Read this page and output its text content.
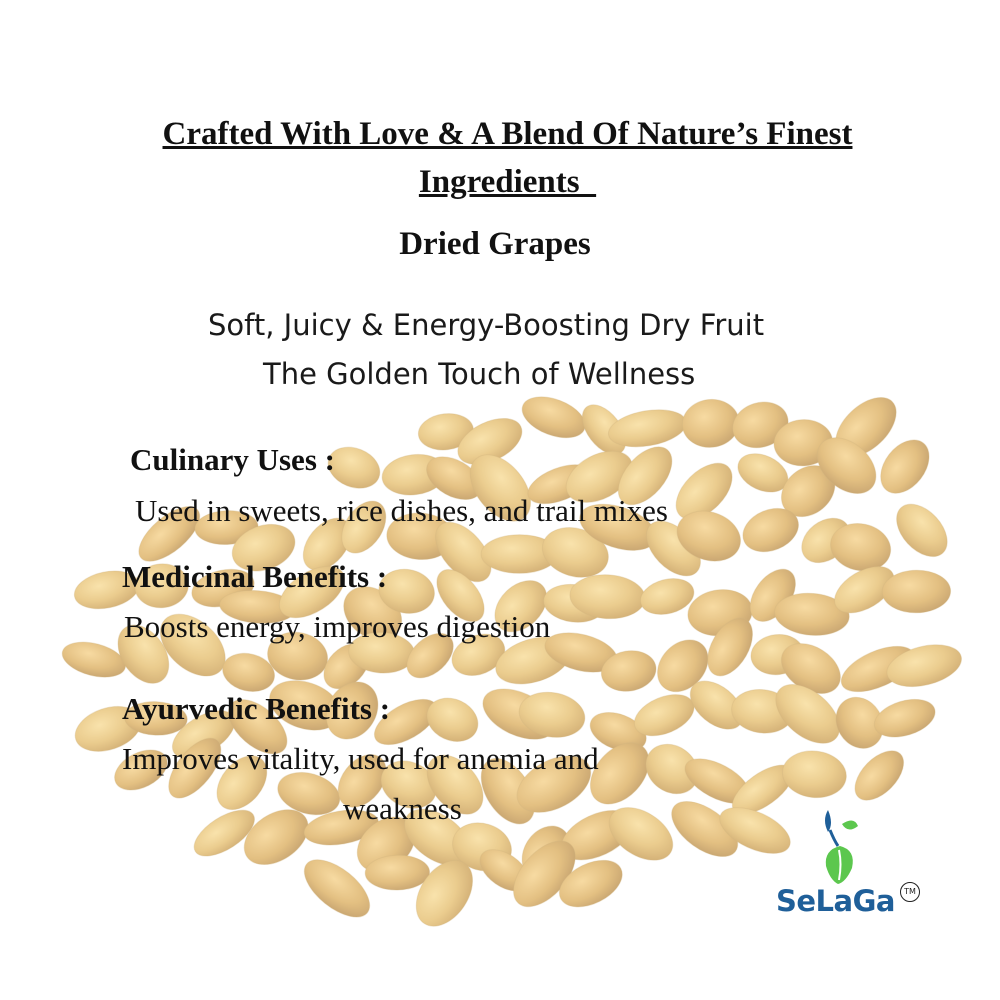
Crafted With Love & A Blend Of Nature’s Finest
Ingredients
Dried Grapes
Soft, Juicy & Energy-Boosting Dry Fruit
The Golden Touch of Wellness
Culinary Uses :
Used in sweets, rice dishes, and trail mixes
Medicinal Benefits :
Boosts energy, improves digestion
Ayurvedic Benefits :
Improves vitality, used for anemia and
weakness
SeLaGa	TM
